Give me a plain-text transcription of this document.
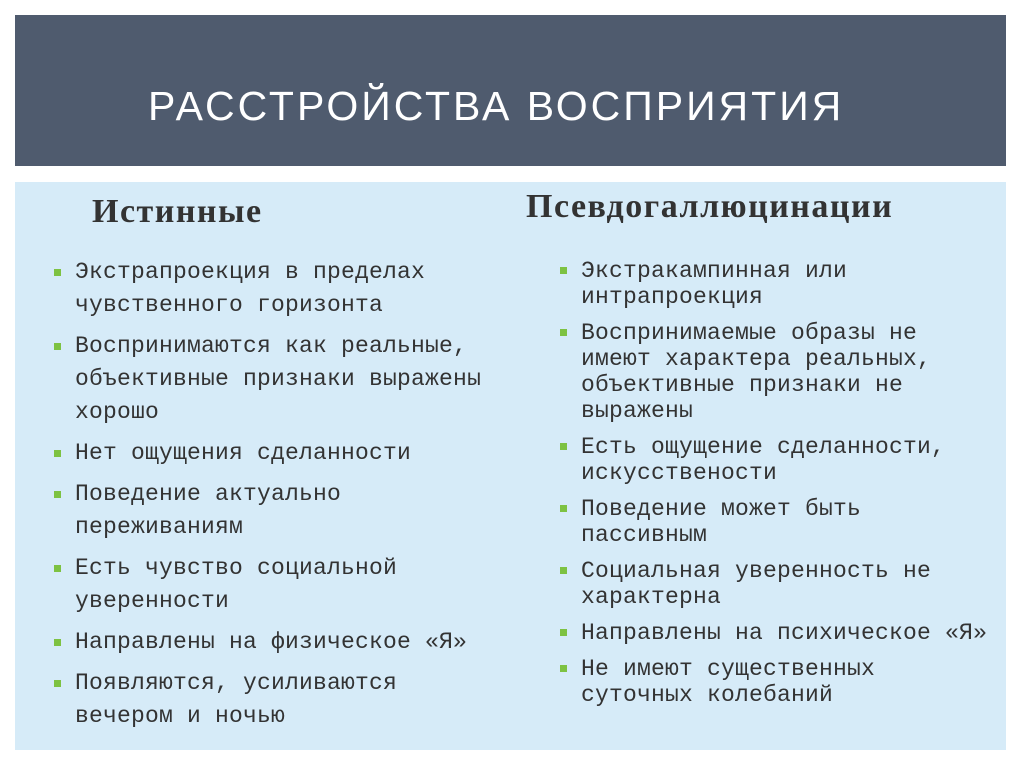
РАССТРОЙСТВА ВОСПРИЯТИЯ
Истинные
Экстрапроекция в пределах чувственного горизонта
Воспринимаются как реальные, объективные признаки выражены хорошо
Нет ощущения сделанности
Поведение актуально переживаниям
Есть чувство социальной уверенности
Направлены на физическое «Я»
Появляются, усиливаются вечером и ночью
Псевдогаллюцинации
Экстракампинная или интрапроекция
Воспринимаемые образы не имеют характера реальных, объективные признаки не выражены
Есть ощущение сделанности, искусствености
Поведение может быть пассивным
Социальная уверенность не характерна
Направлены на психическое «Я»
Не имеют существенных суточных колебаний
